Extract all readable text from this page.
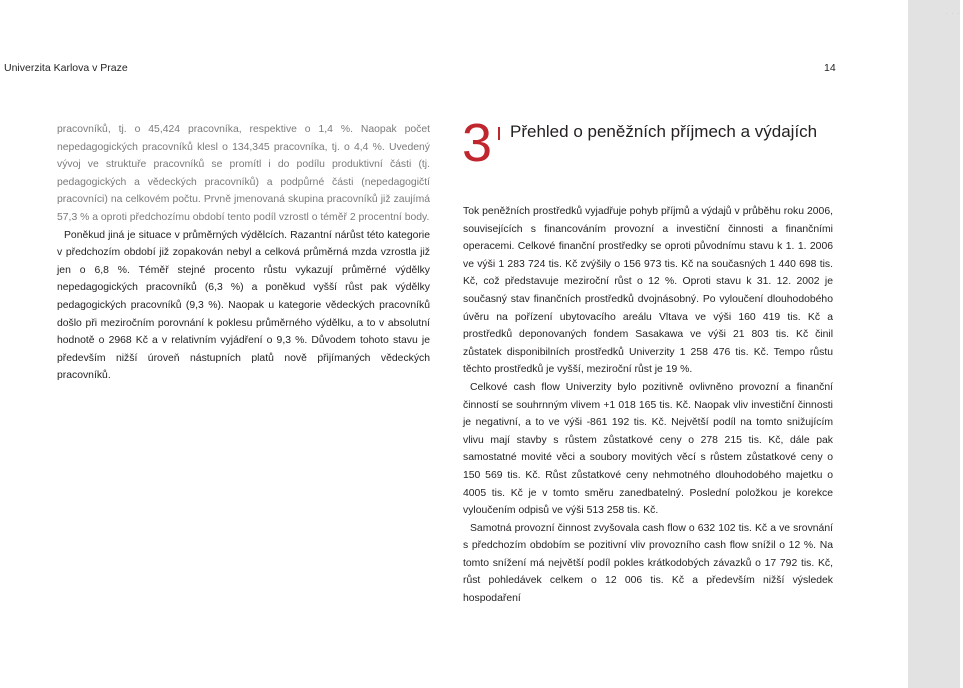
···
Univerzita Karlova v Praze	14

pracovníků, tj. o 45,424 pracovníka, respektive o 1,4 %. Naopak počet nepedagogických pracovníků klesl o 134,345 pracovníka, tj. o 4,4 %. Uvedený vývoj ve struktuře pracovníků se promítl i do podílu produktivní části (tj. pedagogických a vědeckých pracovníků) a podpůrné části (nepedagogičtí pracovníci) na celkovém počtu. Prvně jmenovaná skupina pracovníků již zaujímá 57,3 % a oproti předchozímu období tento podíl vzrostl o téměř 2 procentní body.

Poněkud jiná je situace v průměrných výdělcích. Razantní nárůst této kategorie v předchozím období již zopakován nebyl a celková průměrná mzda vzrostla již jen o 6,8 %. Téměř stejné procento růstu vykazují průměrné výdělky nepedagogických pracovníků (6,3 %) a poněkud vyšší růst pak výdělky pedagogických pracovníků (9,3 %). Naopak u kategorie vědeckých pracovníků došlo při meziročním porovnání k poklesu průměrného výdělku, a to v absolutní hodnotě o 2968 Kč a v relativním vyjádření o 9,3 %. Důvodem tohoto stavu je především nižší úroveň nástupních platů nově přijímaných vědeckých pracovníků.

3 Přehled o peněžních příjmech a výdajích

Tok peněžních prostředků vyjadřuje pohyb příjmů a výdajů v průběhu roku 2006, souvisejících s financováním provozní a investiční činnosti a finančními operacemi. Celkové finanční prostředky se oproti původnímu stavu k 1. 1. 2006 ve výši 1 283 724 tis. Kč zvýšily o 156 973 tis. Kč na současných 1 440 698 tis. Kč, což představuje meziroční růst o 12 %. Oproti stavu k 31. 12. 2002 je současný stav finančních prostředků dvojnásobný. Po vyloučení dlouhodobého úvěru na pořízení ubytovacího areálu Vltava ve výši 160 419 tis. Kč a prostředků deponovaných fondem Sasakawa ve výši 21 803 tis. Kč činil zůstatek disponibilních prostředků Univerzity 1 258 476 tis. Kč. Tempo růstu těchto prostředků je vyšší, meziroční růst je 19 %.

Celkové cash flow Univerzity bylo pozitivně ovlivněno provozní a finanční činností se souhrnným vlivem +1 018 165 tis. Kč. Naopak vliv investiční činnosti je negativní, a to ve výši -861 192 tis. Kč. Největší podíl na tomto snižujícím vlivu mají stavby s růstem zůstatkové ceny o 278 215 tis. Kč, dále pak samostatné movité věci a soubory movitých věcí s růstem zůstatkové ceny o 150 569 tis. Kč. Růst zůstatkové ceny nehmotného dlouhodobého majetku o 4005 tis. Kč je v tomto směru zanedbatelný. Poslední položkou je korekce vyloučením odpisů ve výši 513 258 tis. Kč.

Samotná provozní činnost zvyšovala cash flow o 632 102 tis. Kč a ve srovnání s předchozím obdobím se pozitivní vliv provozního cash flow snížil o 12 %. Na tomto snížení má největší podíl pokles krátkodobých závazků o 17 792 tis. Kč, růst pohledávek celkem o 12 006 tis. Kč a především nižší výsledek hospodaření
